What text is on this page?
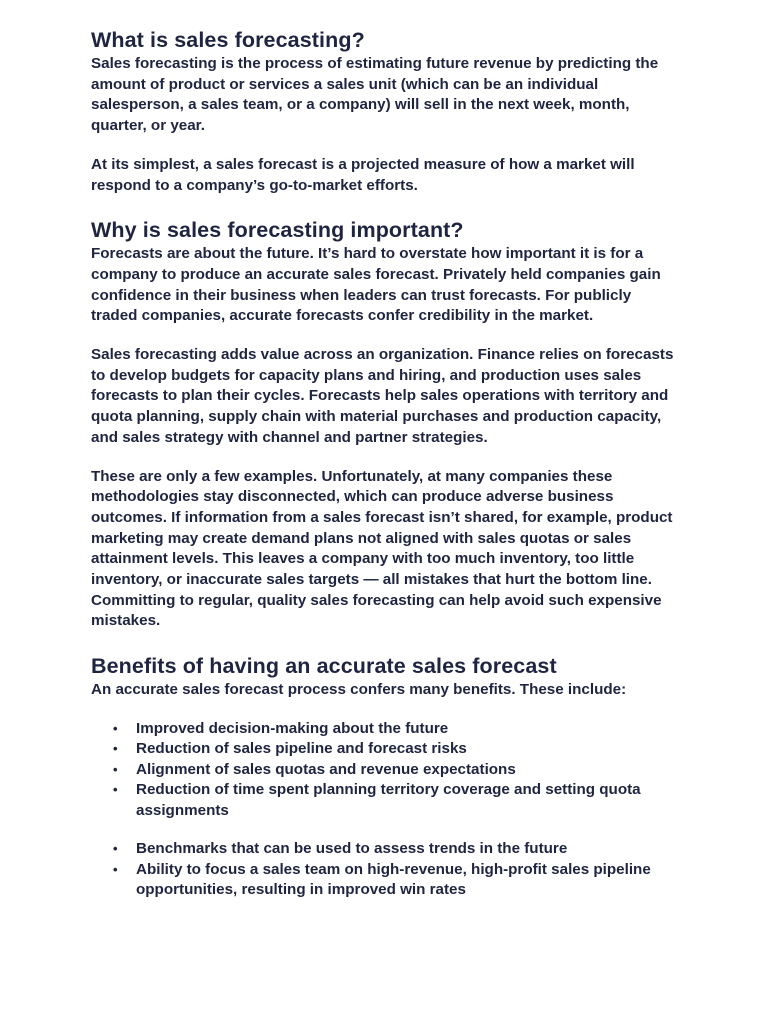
What is sales forecasting?

Sales forecasting is the process of estimating future revenue by predicting the amount of product or services a sales unit (which can be an individual salesperson, a sales team, or a company) will sell in the next week, month, quarter, or year.

At its simplest, a sales forecast is a projected measure of how a market will respond to a company’s go-to-market efforts.

Why is sales forecasting important?

Forecasts are about the future. It’s hard to overstate how important it is for a company to produce an accurate sales forecast. Privately held companies gain confidence in their business when leaders can trust forecasts. For publicly traded companies, accurate forecasts confer credibility in the market.

Sales forecasting adds value across an organization. Finance relies on forecasts to develop budgets for capacity plans and hiring, and production uses sales forecasts to plan their cycles. Forecasts help sales operations with territory and quota planning, supply chain with material purchases and production capacity, and sales strategy with channel and partner strategies.

These are only a few examples. Unfortunately, at many companies these methodologies stay disconnected, which can produce adverse business outcomes. If information from a sales forecast isn’t shared, for example, product marketing may create demand plans not aligned with sales quotas or sales attainment levels. This leaves a company with too much inventory, too little inventory, or inaccurate sales targets — all mistakes that hurt the bottom line. Committing to regular, quality sales forecasting can help avoid such expensive mistakes.

Benefits of having an accurate sales forecast

An accurate sales forecast process confers many benefits. These include:

• Improved decision-making about the future
• Reduction of sales pipeline and forecast risks
• Alignment of sales quotas and revenue expectations
• Reduction of time spent planning territory coverage and setting quota assignments
• Benchmarks that can be used to assess trends in the future
• Ability to focus a sales team on high-revenue, high-profit sales pipeline opportunities, resulting in improved win rates
